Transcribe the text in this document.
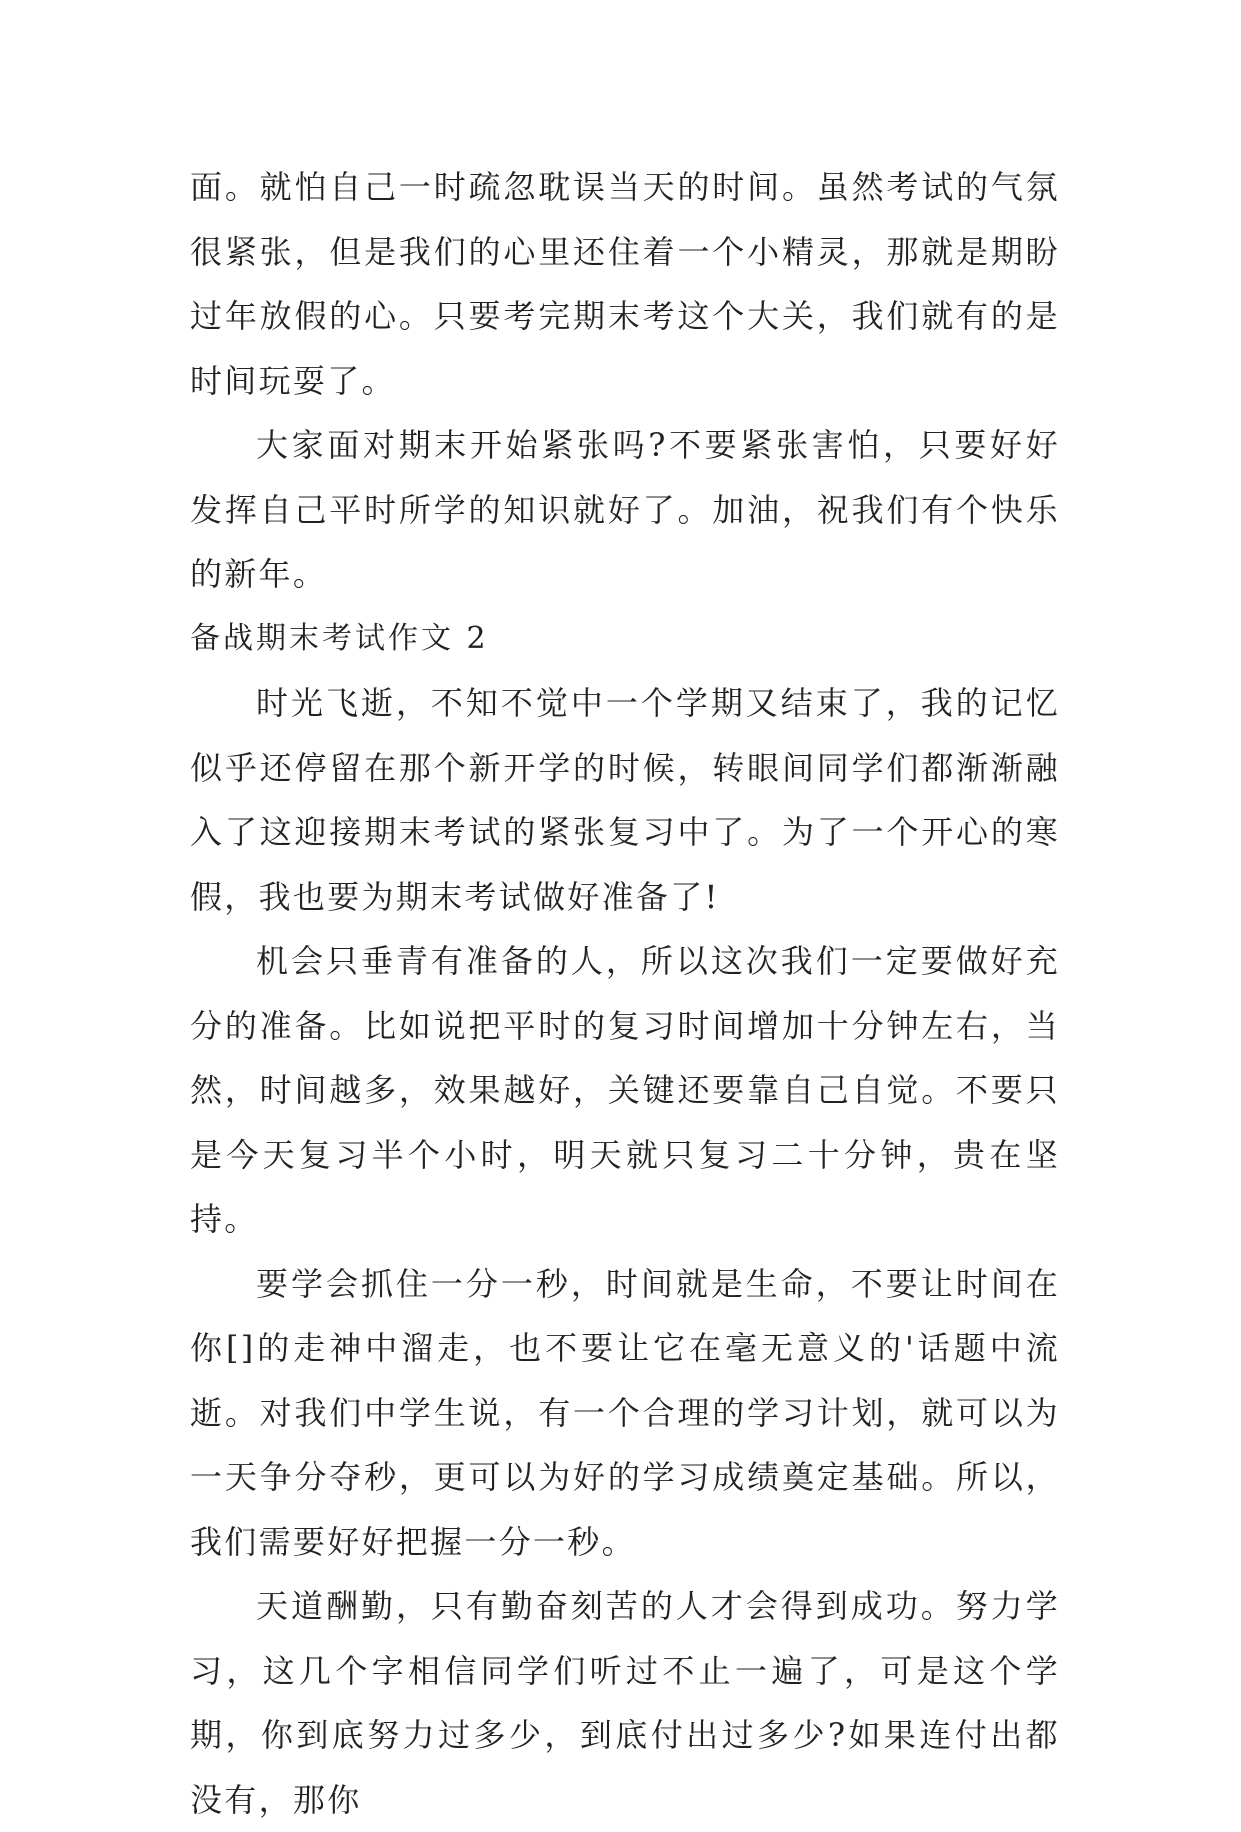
面。就怕自己一时疏忽耽误当天的时间。虽然考试的气氛很紧张，但是我们的心里还住着一个小精灵，那就是期盼过年放假的心。只要考完期末考这个大关，我们就有的是时间玩耍了。

大家面对期末开始紧张吗?不要紧张害怕，只要好好发挥自己平时所学的知识就好了。加油，祝我们有个快乐的新年。

备战期末考试作文 2

时光飞逝，不知不觉中一个学期又结束了，我的记忆似乎还停留在那个新开学的时候，转眼间同学们都渐渐融入了这迎接期末考试的紧张复习中了。为了一个开心的寒假，我也要为期末考试做好准备了!

机会只垂青有准备的人，所以这次我们一定要做好充分的准备。比如说把平时的复习时间增加十分钟左右，当然，时间越多，效果越好，关键还要靠自己自觉。不要只是今天复习半个小时，明天就只复习二十分钟，贵在坚持。

要学会抓住一分一秒，时间就是生命，不要让时间在你[]的走神中溜走，也不要让它在毫无意义的'话题中流逝。对我们中学生说，有一个合理的学习计划，就可以为一天争分夺秒，更可以为好的学习成绩奠定基础。所以，我们需要好好把握一分一秒。

天道酬勤，只有勤奋刻苦的人才会得到成功。努力学习，这几个字相信同学们听过不止一遍了，可是这个学期，你到底努力过多少，到底付出过多少?如果连付出都没有，那你
